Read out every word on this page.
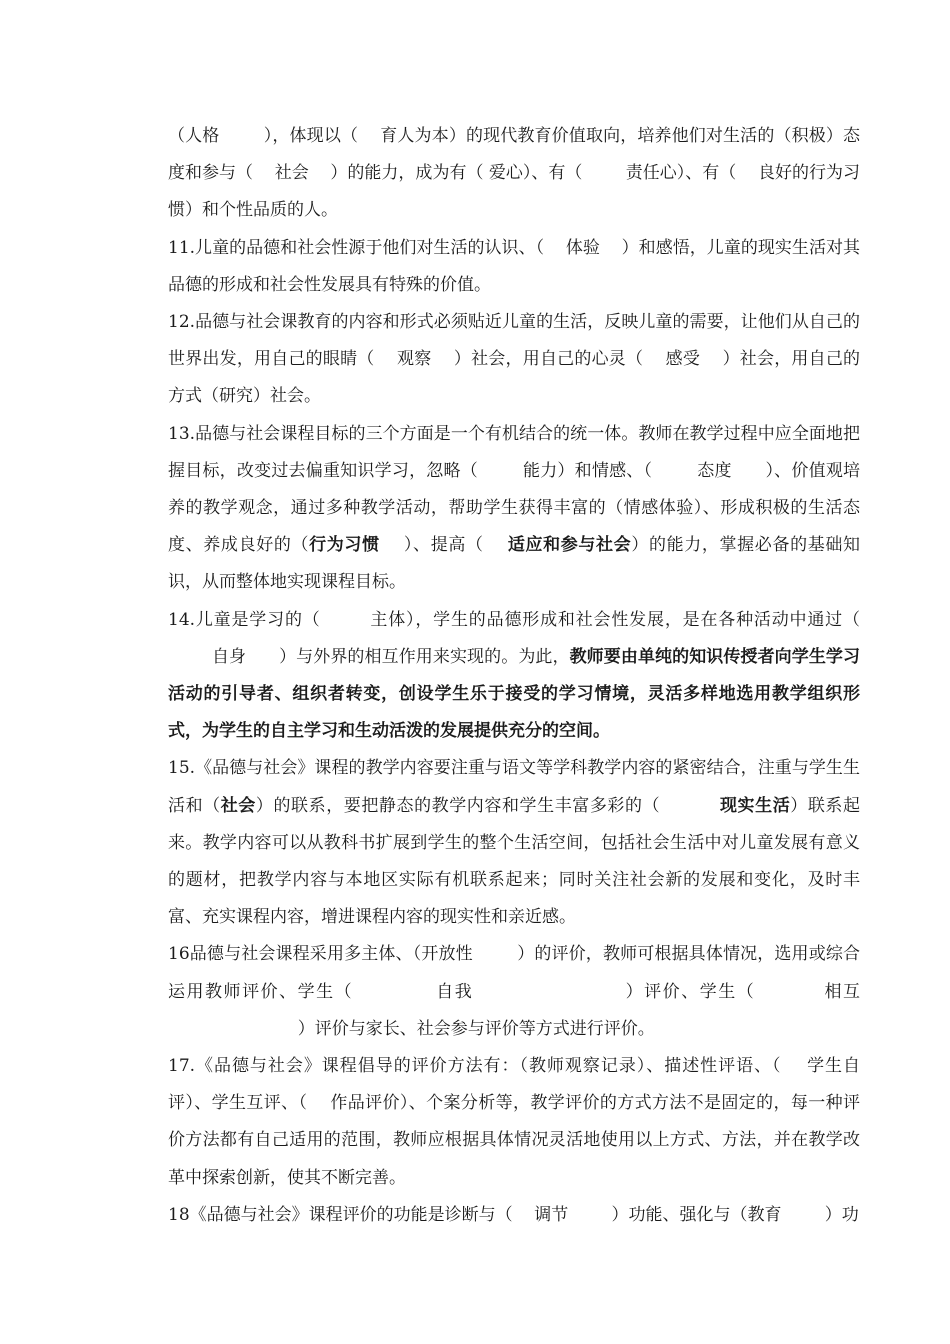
（人格	），体现以（ 育人为本）的现代教育价值取向，培养他们对生活的（积极）态度和参与（ 社会 ）的能力，成为有（ 爱心）、有（	责任心）、有（ 良好的行为习惯）和个性品质的人。

11.儿童的品德和社会性源于他们对生活的认识、（ 体验 ）和感悟，儿童的现实生活对其品德的形成和社会性发展具有特殊的价值。

12.品德与社会课教育的内容和形式必须贴近儿童的生活，反映儿童的需要，让他们从自己的世界出发，用自己的眼睛（ 观察 ）社会，用自己的心灵（ 感受 ）社会，用自己的方式（研究）社会。

13.品德与社会课程目标的三个方面是一个有机结合的统一体。教师在教学过程中应全面地把握目标，改变过去偏重知识学习，忽略（	能力）和情感、（	态度 ）、价值观培养的教学观念，通过多种教学活动，帮助学生获得丰富的（情感体验）、形成积极的生活态度、养成良好的（行为习惯 ）、提高（ 适应和参与社会）的能力，掌握必备的基础知识，从而整体地实现课程目标。

14.儿童是学习的（	主体），学生的品德形成和社会性发展，是在各种活动中通过（        自身 ）与外界的相互作用来实现的。为此，教师要由单纯的知识传授者向学生学习活动的引导者、组织者转变，创设学生乐于接受的学习情境，灵活多样地选用教学组织形式，为学生的自主学习和生动活泼的发展提供充分的空间。

15.《品德与社会》课程的教学内容要注重与语文等学科教学内容的紧密结合，注重与学生生活和（社会）的联系，要把静态的教学内容和学生丰富多彩的（	现实生活）联系起来。教学内容可以从教科书扩展到学生的整个生活空间，包括社会生活中对儿童发展有意义的题材，把教学内容与本地区实际有机联系起来；同时关注社会新的发展和变化，及时丰富、充实课程内容，增进课程内容的现实性和亲近感。

16品德与社会课程采用多主体、（开放性	）的评价，教师可根据具体情况，选用或综合运用教师评价、学生（	自我	）评价、学生（	相互                        ）评价与家长、社会参与评价等方式进行评价。

17.《品德与社会》课程倡导的评价方法有：（教师观察记录）、描述性评语、（ 学生自评）、学生互评、（ 作品评价）、个案分析等，教学评价的方式方法不是固定的，每一种评价方法都有自己适用的范围，教师应根据具体情况灵活地使用以上方式、方法，并在教学改革中探索创新，使其不断完善。

18《品德与社会》课程评价的功能是诊断与（ 调节	）功能、强化与（教育	）功
